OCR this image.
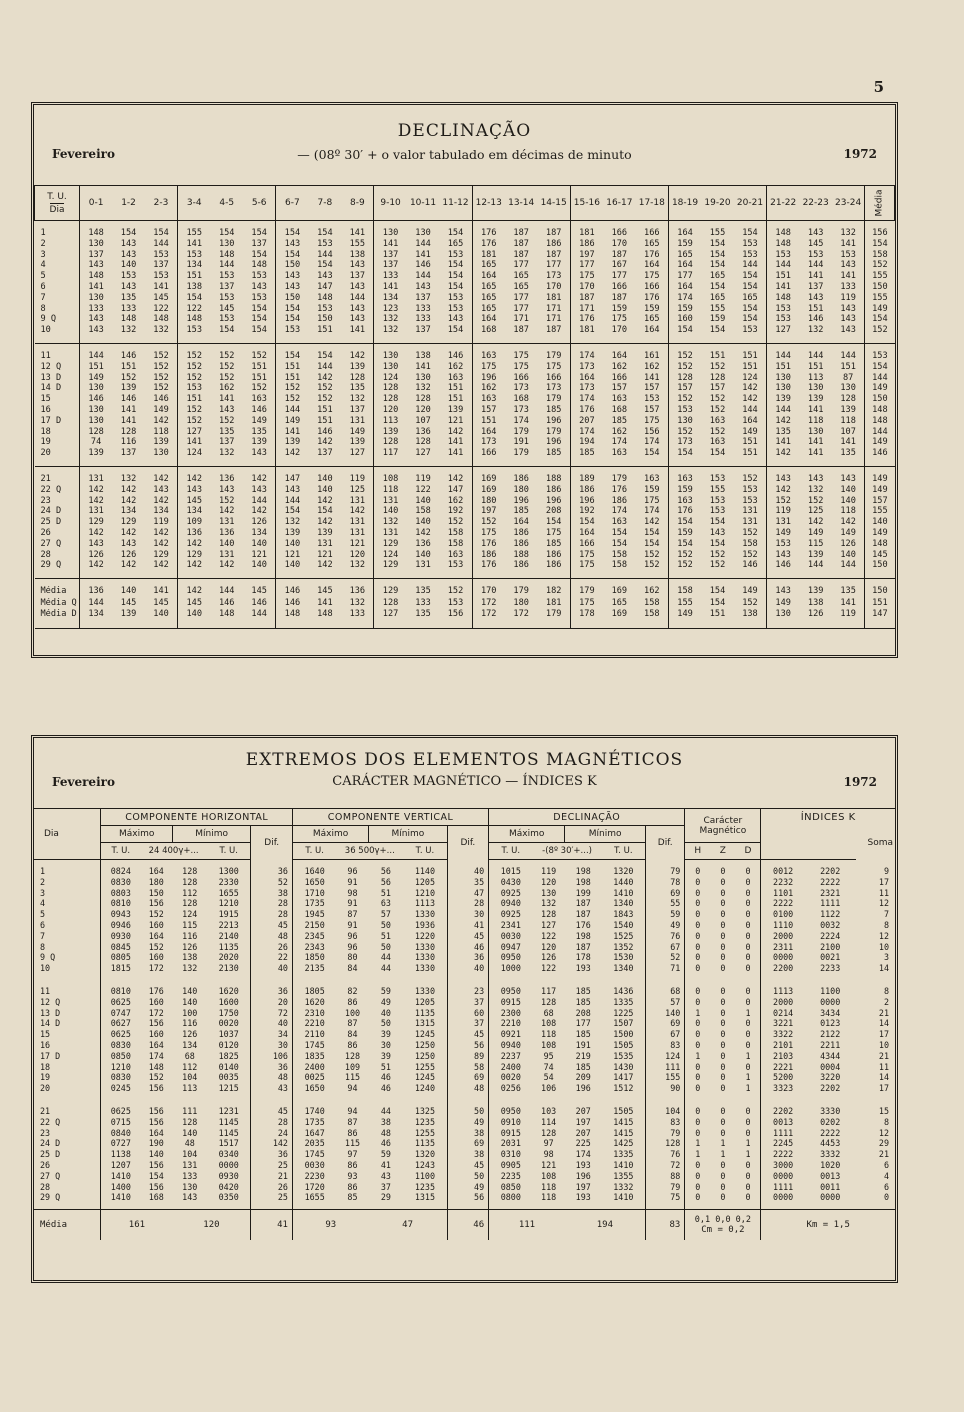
5
DECLINAÇÃO
Fevereiro	— (08º 30′ + o valor tabulado em décimas de minuto	1972
T. U.
Dia	0-1	1-2	2-3	3-4	4-5	5-6	6-7	7-8	8-9	9-10	10-11	11-12	12-13	13-14	14-15	15-16	16-17	17-18	18-19	19-20	20-21	21-22	22-23	23-24	Média

1	148	154	154	155	154	154	154	154	141	130	130	154	176	187	187	181	166	166	164	155	154	148	143	132	156
2	130	143	144	141	130	137	143	153	155	141	144	165	176	187	186	186	170	165	159	154	153	148	145	141	154
3	137	143	153	153	148	154	154	144	138	137	141	153	181	187	187	197	187	176	165	154	153	153	153	153	158
4	143	140	137	134	144	148	150	154	143	137	146	154	165	177	177	177	167	164	164	154	144	144	144	143	152
5	148	153	153	151	153	153	143	143	137	133	144	154	164	165	173	175	177	175	177	165	154	151	141	141	155
6	141	143	141	138	137	143	143	147	143	141	143	154	165	165	170	170	166	166	164	154	154	141	137	133	150
7	130	135	145	154	153	153	150	148	144	134	137	153	165	177	181	187	187	176	174	165	165	148	143	119	155
8	133	133	122	122	145	154	154	153	143	123	133	153	165	177	171	171	159	159	159	155	154	153	151	143	149
9 Q	143	148	148	148	153	154	154	150	143	132	133	143	164	171	171	176	175	165	160	159	154	153	146	143	154
10	143	132	132	153	154	154	153	151	141	132	137	154	168	187	187	181	170	164	154	154	153	127	132	143	152

11	144	146	152	152	152	152	154	154	142	130	138	146	163	175	179	174	164	161	152	151	151	144	144	144	153
12 Q	151	151	152	152	152	151	151	144	139	130	141	162	175	175	175	173	162	162	152	152	151	151	151	151	154
13 D	149	152	152	152	152	151	151	142	128	124	130	163	196	166	166	164	166	141	128	128	124	130	113	87	144
14 D	130	139	152	153	162	152	152	152	135	128	132	151	162	173	173	173	157	157	157	157	142	130	130	130	149
15	146	146	146	151	141	163	152	152	132	128	128	151	163	168	179	174	163	153	152	152	142	139	139	128	150
16	130	141	149	152	143	146	144	151	137	120	120	139	157	173	185	176	168	157	153	152	144	144	141	139	148
17 D	130	141	142	152	152	149	149	151	131	113	107	121	151	174	196	207	185	175	130	163	164	142	118	118	148
18	128	128	118	127	135	135	141	146	149	139	136	142	164	179	179	174	162	156	152	152	149	135	130	107	144
19	74	116	139	141	137	139	139	142	139	128	128	141	173	191	196	194	174	174	173	163	151	141	141	141	149
20	139	137	130	124	132	143	142	137	127	117	127	141	166	179	185	185	163	154	154	154	151	142	141	135	146

21	131	132	142	142	136	142	147	140	119	108	119	142	169	186	188	189	179	163	163	153	152	143	143	143	149
22 Q	142	142	143	143	143	143	143	140	125	118	122	147	169	180	186	186	176	159	159	155	153	142	132	140	149
23	142	142	142	145	152	144	144	142	131	131	140	162	180	196	196	196	186	175	163	153	153	152	152	140	157
24 D	131	134	134	134	142	142	154	154	142	140	158	192	197	185	208	192	174	174	176	153	131	119	125	118	155
25 D	129	129	119	109	131	126	132	142	131	132	140	152	152	164	154	154	163	142	154	154	131	131	142	142	140
26	142	142	142	136	136	134	139	139	131	131	142	158	175	186	175	164	154	154	159	143	152	149	149	149	149
27 Q	143	143	142	142	140	140	140	131	121	129	136	158	176	186	185	166	154	154	154	154	158	153	115	126	148
28	126	126	129	129	131	121	121	121	120	124	140	163	186	188	186	175	158	152	152	152	152	143	139	140	145
29 Q	142	142	142	142	142	140	140	142	132	129	131	153	176	186	186	175	158	152	152	152	146	146	144	144	150

Média	136	140	141	142	144	145	146	145	136	129	135	152	170	179	182	179	169	162	158	154	149	143	139	135	150
Média Q	144	145	145	145	146	146	146	141	132	128	133	153	172	180	181	175	165	158	155	154	152	149	138	141	151
Média D	134	139	140	140	148	144	148	148	133	127	135	156	172	172	179	178	169	158	149	151	138	130	126	119	147

EXTREMOS DOS ELEMENTOS MAGNÉTICOS
Fevereiro	CARÁCTER MAGNÉTICO — ÍNDICES K	1972
Dia	COMPONENTE HORIZONTAL					COMPONENTE VERTICAL					DECLINAÇÃO					Carácter Magnético			ÍNDICES K		
	Máximo		Mínimo		Dif.	Máximo		Mínimo		Dif.	Máximo		Mínimo		Dif.						Soma
	T. U.	24 400γ+...		T. U.		T. U.	36 500γ+...		T. U.		T. U.	-(8º 30′+...)		T. U.		H	Z	D			

1	0824	164	128	1300	36	1640	96	56	1140	40	1015	119	198	1320	79	0	0	0	0012	2202	9
2	0830	180	128	2330	52	1650	91	56	1205	35	0430	120	198	1440	78	0	0	0	2232	2222	17
3	0803	150	112	1655	38	1710	98	51	1210	47	0925	130	199	1410	69	0	0	0	1101	2321	11
4	0810	156	128	1210	28	1735	91	63	1113	28	0940	132	187	1340	55	0	0	0	2222	1111	12
5	0943	152	124	1915	28	1945	87	57	1330	30	0925	128	187	1843	59	0	0	0	0100	1122	7
6	0946	160	115	2213	45	2150	91	50	1936	41	2341	127	176	1540	49	0	0	0	1110	0032	8
7	0930	164	116	2140	48	2345	96	51	1220	45	0030	122	198	1525	76	0	0	0	2000	2224	12
8	0845	152	126	1135	26	2343	96	50	1330	46	0947	120	187	1352	67	0	0	0	2311	2100	10
9 Q	0805	160	138	2020	22	1850	80	44	1330	36	0950	126	178	1530	52	0	0	0	0000	0021	3
10	1815	172	132	2130	40	2135	84	44	1330	40	1000	122	193	1340	71	0	0	0	2200	2233	14

11	0810	176	140	1620	36	1805	82	59	1330	23	0950	117	185	1436	68	0	0	0	1113	1100	8
12 Q	0625	160	140	1600	20	1620	86	49	1205	37	0915	128	185	1335	57	0	0	0	2000	0000	2
13 D	0747	172	100	1750	72	2310	100	40	1135	60	2300	68	208	1225	140	1	0	1	0214	3434	21
14 D	0627	156	116	0020	40	2210	87	50	1315	37	2210	108	177	1507	69	0	0	0	3221	0123	14
15	0625	160	126	1037	34	2110	84	39	1245	45	0921	118	185	1500	67	0	0	0	3322	2122	17
16	0830	164	134	0120	30	1745	86	30	1250	56	0940	108	191	1505	83	0	0	0	2101	2211	10
17 D	0850	174	68	1825	106	1835	128	39	1250	89	2237	95	219	1535	124	1	0	1	2103	4344	21
18	1210	148	112	0140	36	2400	109	51	1255	58	2400	74	185	1430	111	0	0	0	2221	0004	11
19	0830	152	104	0035	48	0025	115	46	1245	69	0020	54	209	1417	155	0	0	1	5200	3220	14
20	0245	156	113	1215	43	1650	94	46	1240	48	0256	106	196	1512	90	0	0	1	3323	2202	17

21	0625	156	111	1231	45	1740	94	44	1325	50	0950	103	207	1505	104	0	0	0	2202	3330	15
22 Q	0715	156	128	1145	28	1735	87	38	1235	49	0910	114	197	1415	83	0	0	0	0013	0202	8
23	0840	164	140	1145	24	1647	86	48	1255	38	0915	128	207	1415	79	0	0	0	1111	2222	12
24 D	0727	190	48	1517	142	2035	115	46	1135	69	2031	97	225	1425	128	1	1	1	2245	4453	29
25 D	1138	140	104	0340	36	1745	97	59	1320	38	0310	98	174	1335	76	1	1	1	2222	3332	21
26	1207	156	131	0000	25	0030	86	41	1243	45	0905	121	193	1410	72	0	0	0	3000	1020	6
27 Q	1410	154	133	0930	21	2230	93	43	1100	50	2235	108	196	1355	88	0	0	0	0000	0013	4
28	1400	156	130	0420	26	1720	86	37	1235	49	0850	118	197	1332	79	0	0	0	1111	0011	6
29 Q	1410	168	143	0350	25	1655	85	29	1315	56	0800	118	193	1410	75	0	0	0	0000	0000	0

Média	161		120		41	93		47		46	111		194		83	0,1 0,0 0,2
Cm = 0,2			Km = 1,5		
